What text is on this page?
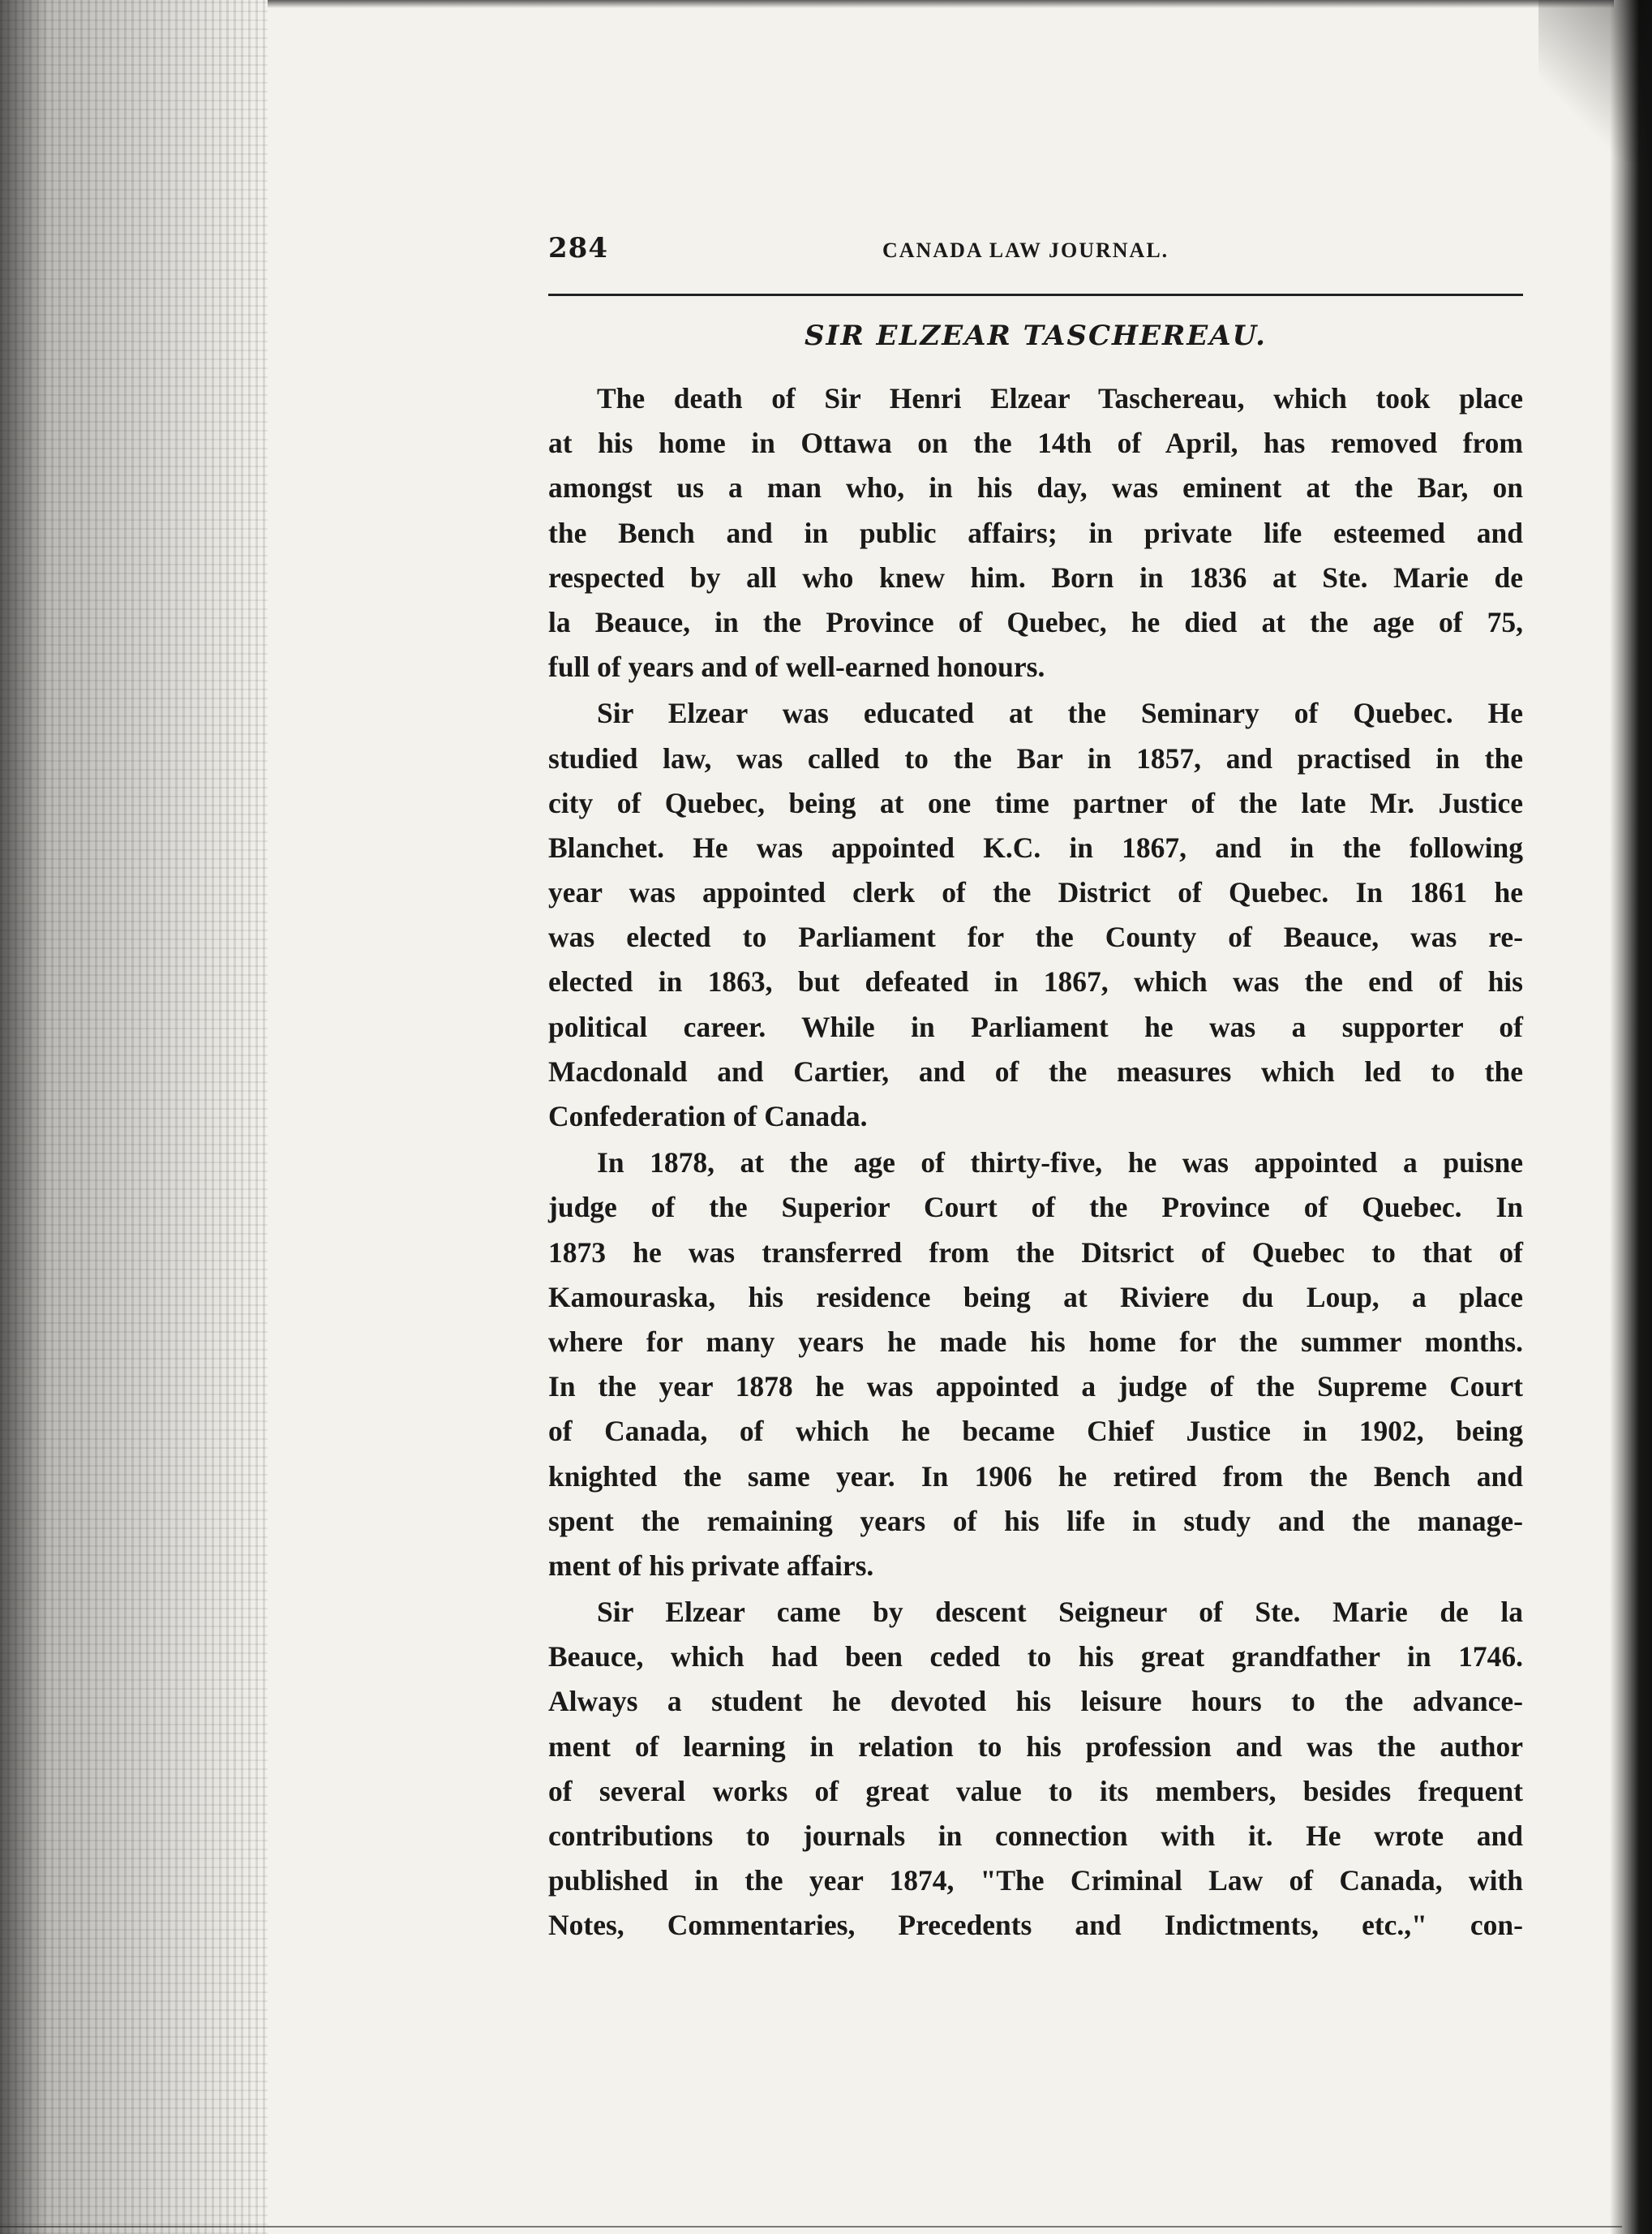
284	CANADA LAW JOURNAL.
SIR ELZEAR TASCHEREAU.
The death of Sir Henri Elzear Taschereau, which took place
at his home in Ottawa on the 14th of April, has removed from
amongst us a man who, in his day, was eminent at the Bar, on
the Bench and in public affairs; in private life esteemed and
respected by all who knew him. Born in 1836 at Ste. Marie de
la Beauce, in the Province of Quebec, he died at the age of 75,
full of years and of well-earned honours.
Sir Elzear was educated at the Seminary of Quebec. He
studied law, was called to the Bar in 1857, and practised in the
city of Quebec, being at one time partner of the late Mr. Justice
Blanchet. He was appointed K.C. in 1867, and in the following
year was appointed clerk of the District of Quebec. In 1861 he
was elected to Parliament for the County of Beauce, was re-
elected in 1863, but defeated in 1867, which was the end of his
political career. While in Parliament he was a supporter of
Macdonald and Cartier, and of the measures which led to the
Confederation of Canada.
In 1878, at the age of thirty-five, he was appointed a puisne
judge of the Superior Court of the Province of Quebec. In
1873 he was transferred from the Ditsrict of Quebec to that of
Kamouraska, his residence being at Riviere du Loup, a place
where for many years he made his home for the summer months.
In the year 1878 he was appointed a judge of the Supreme Court
of Canada, of which he became Chief Justice in 1902, being
knighted the same year. In 1906 he retired from the Bench and
spent the remaining years of his life in study and the manage-
ment of his private affairs.
Sir Elzear came by descent Seigneur of Ste. Marie de la
Beauce, which had been ceded to his great grandfather in 1746.
Always a student he devoted his leisure hours to the advance-
ment of learning in relation to his profession and was the author
of several works of great value to its members, besides frequent
contributions to journals in connection with it. He wrote and
published in the year 1874, "The Criminal Law of Canada, with
Notes, Commentaries, Precedents and Indictments, etc.," con-
